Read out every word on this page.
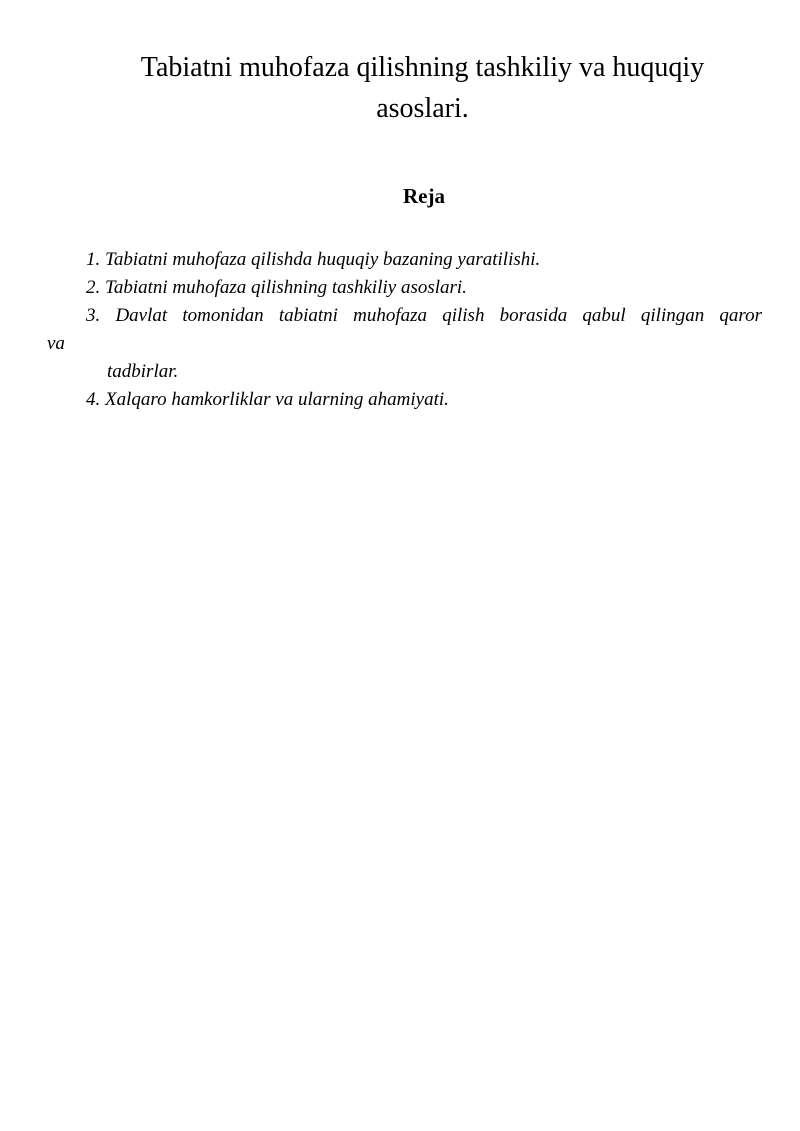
Tabiatni muhofaza qilishning tashkiliy va huquqiy
asoslari.
Reja

1. Tabiatni muhofaza qilishda huquqiy bazaning yaratilishi.

2. Tabiatni muhofaza qilishning tashkiliy asoslari.

3. Davlat tomonidan tabiatni muhofaza qilish borasida qabul qilingan qaror

va

tadbirlar.

4. Xalqaro hamkorliklar va ularning ahamiyati.
